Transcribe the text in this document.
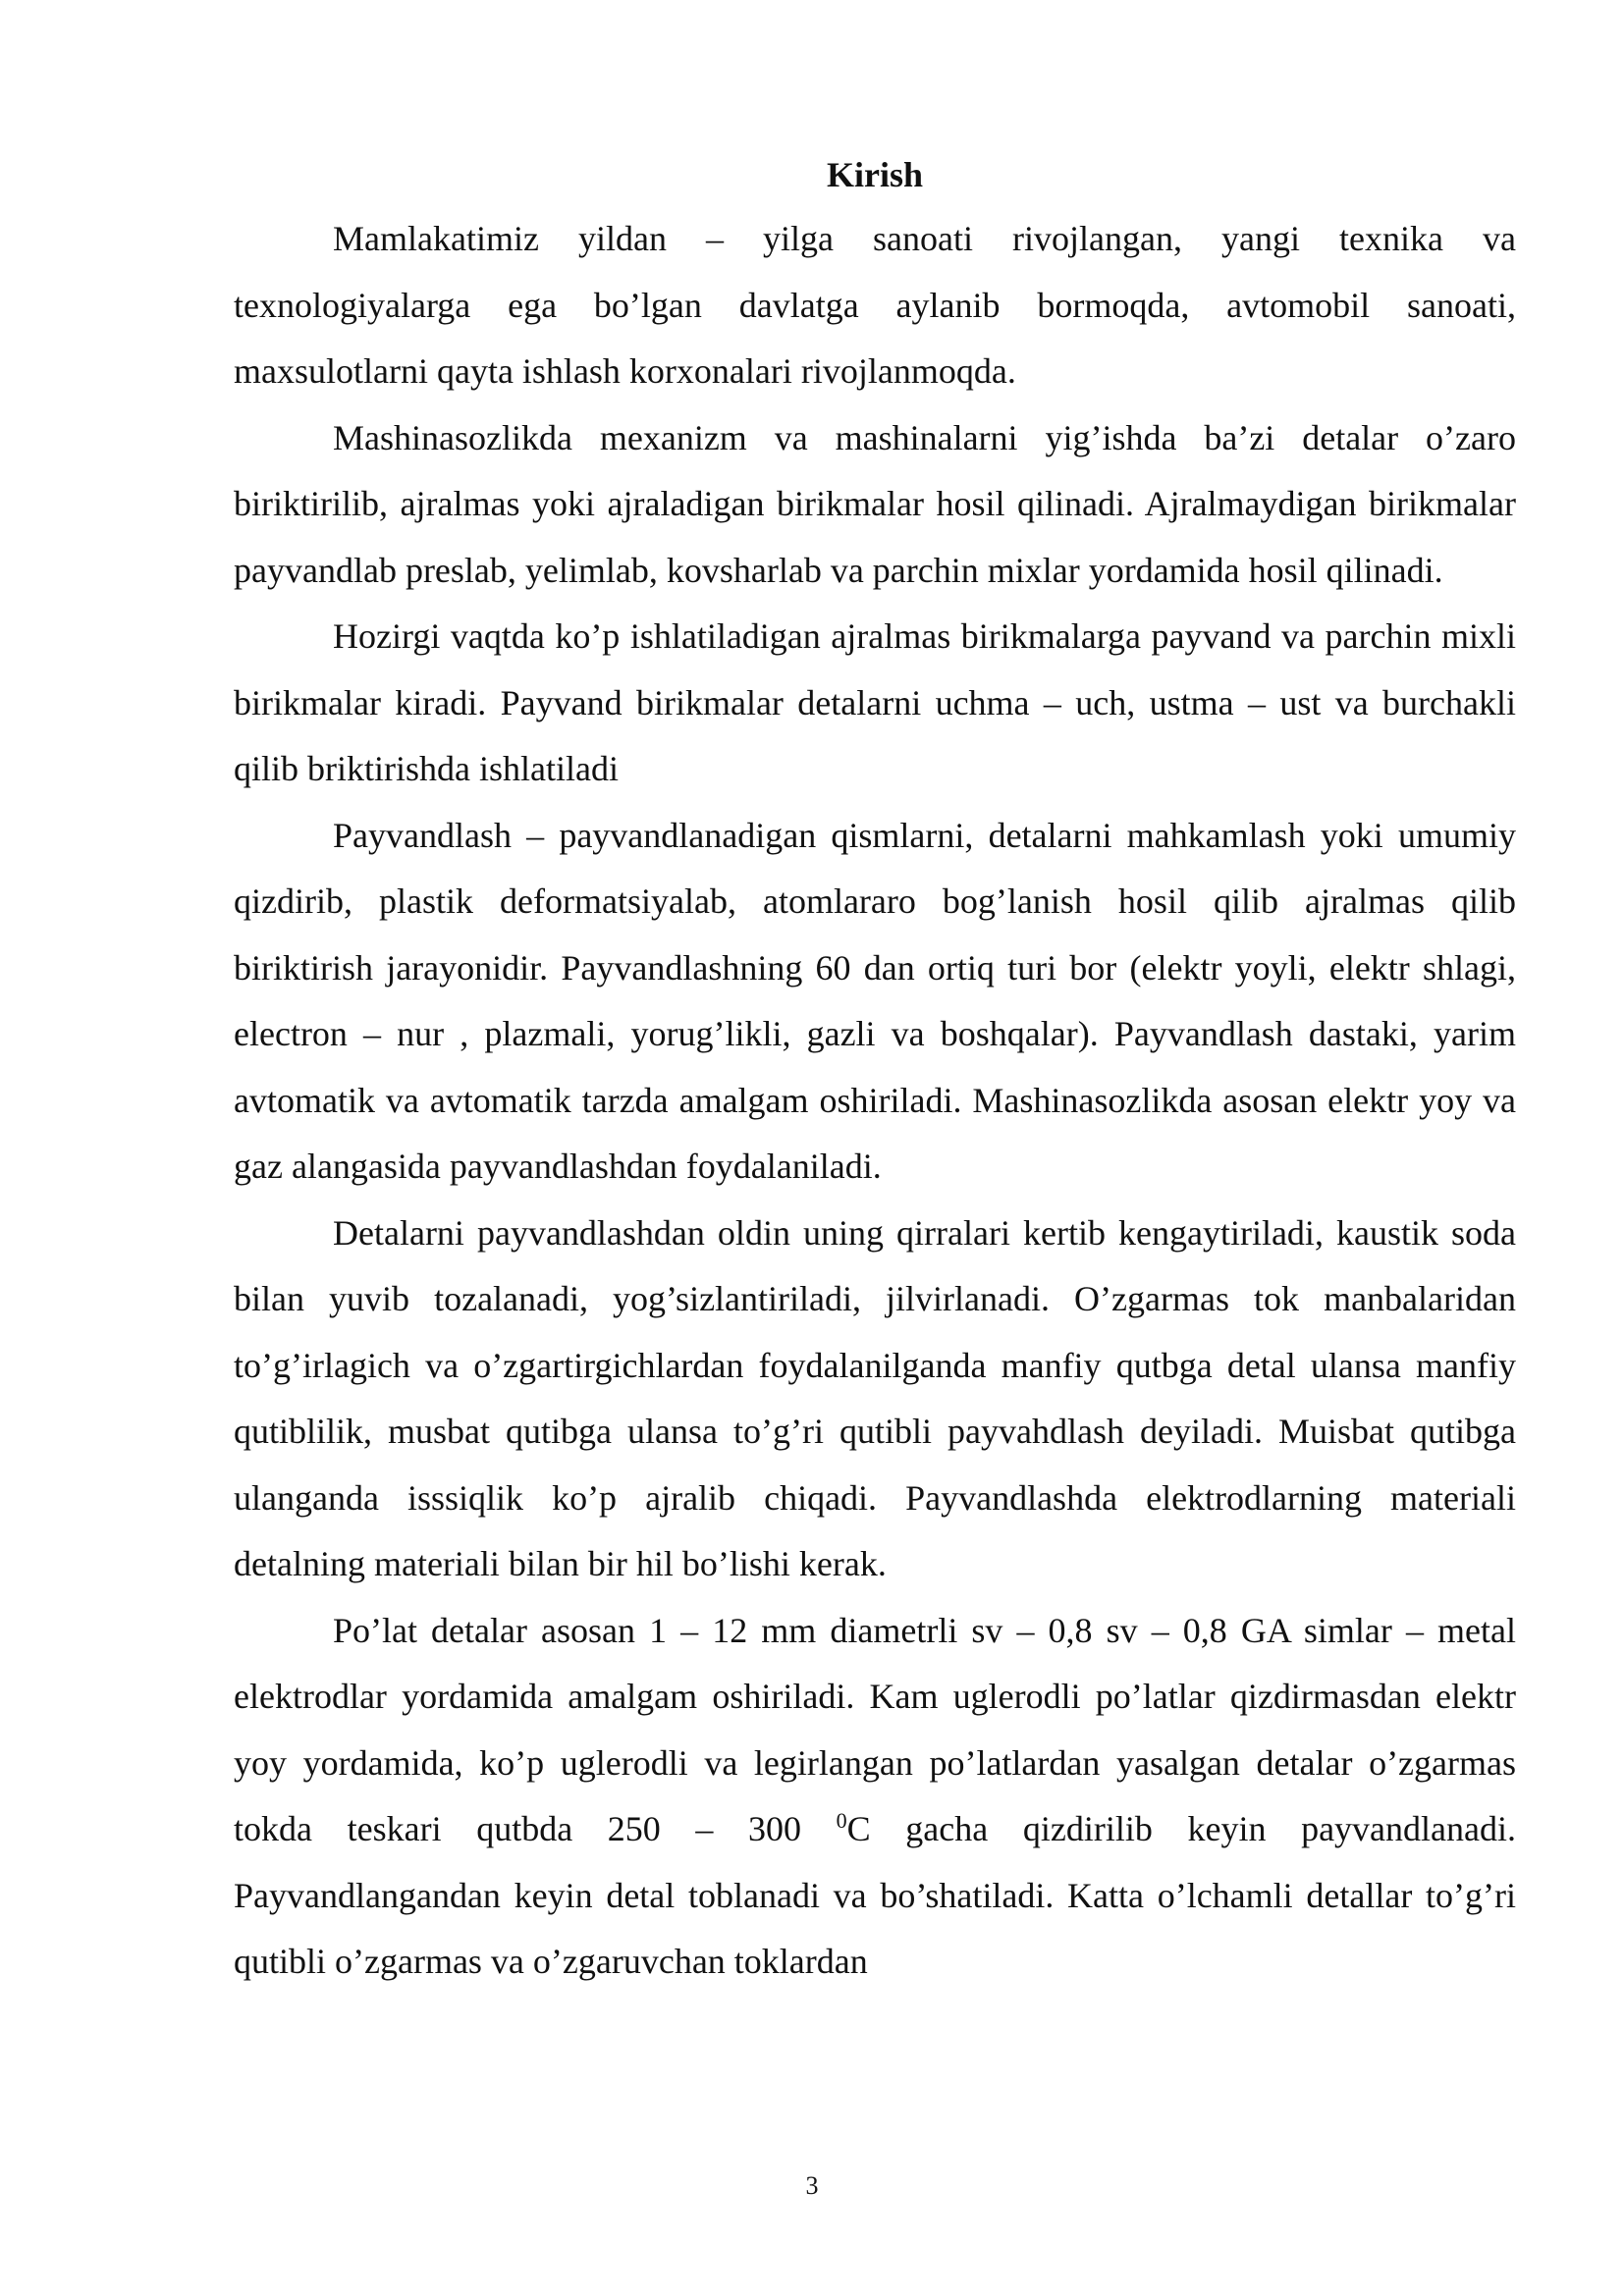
Kirish

Mamlakatimiz yildan – yilga sanoati rivojlangan, yangi texnika va texnologiyalarga ega bo’lgan davlatga aylanib bormoqda, avtomobil sanoati, maxsulotlarni qayta ishlash korxonalari rivojlanmoqda.

Mashinasozlikda mexanizm va mashinalarni yig’ishda ba’zi detalar o’zaro biriktirilib, ajralmas yoki ajraladigan birikmalar hosil qilinadi. Ajralmaydigan birikmalar payvandlab preslab, yelimlab, kovsharlab va parchin mixlar yordamida hosil qilinadi.

Hozirgi vaqtda ko’p ishlatiladigan ajralmas birikmalarga payvand va parchin mixli birikmalar kiradi. Payvand birikmalar detalarni uchma – uch, ustma – ust va burchakli qilib briktirishda ishlatiladi

Payvandlash – payvandlanadigan qismlarni, detalarni mahkamlash yoki umumiy qizdirib, plastik deformatsiyalab, atomlararo bog’lanish hosil qilib ajralmas qilib biriktirish jarayonidir. Payvandlashning 60 dan ortiq turi bor (elektr yoyli, elektr shlagi, electron – nur , plazmali, yorug’likli, gazli va boshqalar). Payvandlash dastaki, yarim avtomatik va avtomatik tarzda amalgam oshiriladi. Mashinasozlikda asosan elektr yoy va gaz alangasida payvandlashdan foydalaniladi.

Detalarni payvandlashdan oldin uning qirralari kertib kengaytiriladi, kaustik soda bilan yuvib tozalanadi, yog’sizlantiriladi, jilvirlanadi. O’zgarmas tok manbalaridan to’g’irlagich va o’zgartirgichlardan foydalanilganda manfiy qutbga detal ulansa manfiy qutiblilik, musbat qutibga ulansa to’g’ri qutibli payvahdlash deyiladi. Muisbat qutibga ulanganda isssiqlik ko’p ajralib chiqadi. Payvandlashda elektrodlarning materiali detalning materiali bilan bir hil bo’lishi kerak.

Po’lat detalar asosan 1 – 12 mm diametrli sv – 0,8 sv – 0,8 GA simlar – metal elektrodlar yordamida amalgam oshiriladi. Kam uglerodli po’latlar qizdirmasdan elektr yoy yordamida, ko’p uglerodli va legirlangan po’latlardan yasalgan detalar o’zgarmas tokda teskari qutbda 250 – 300 $^0$C gacha qizdirilib keyin payvandlanadi. Payvandlangandan keyin detal toblanadi va bo’shatiladi. Katta o’lchamli detallar to’g’ri qutibli o’zgarmas va o’zgaruvchan toklardan

3
